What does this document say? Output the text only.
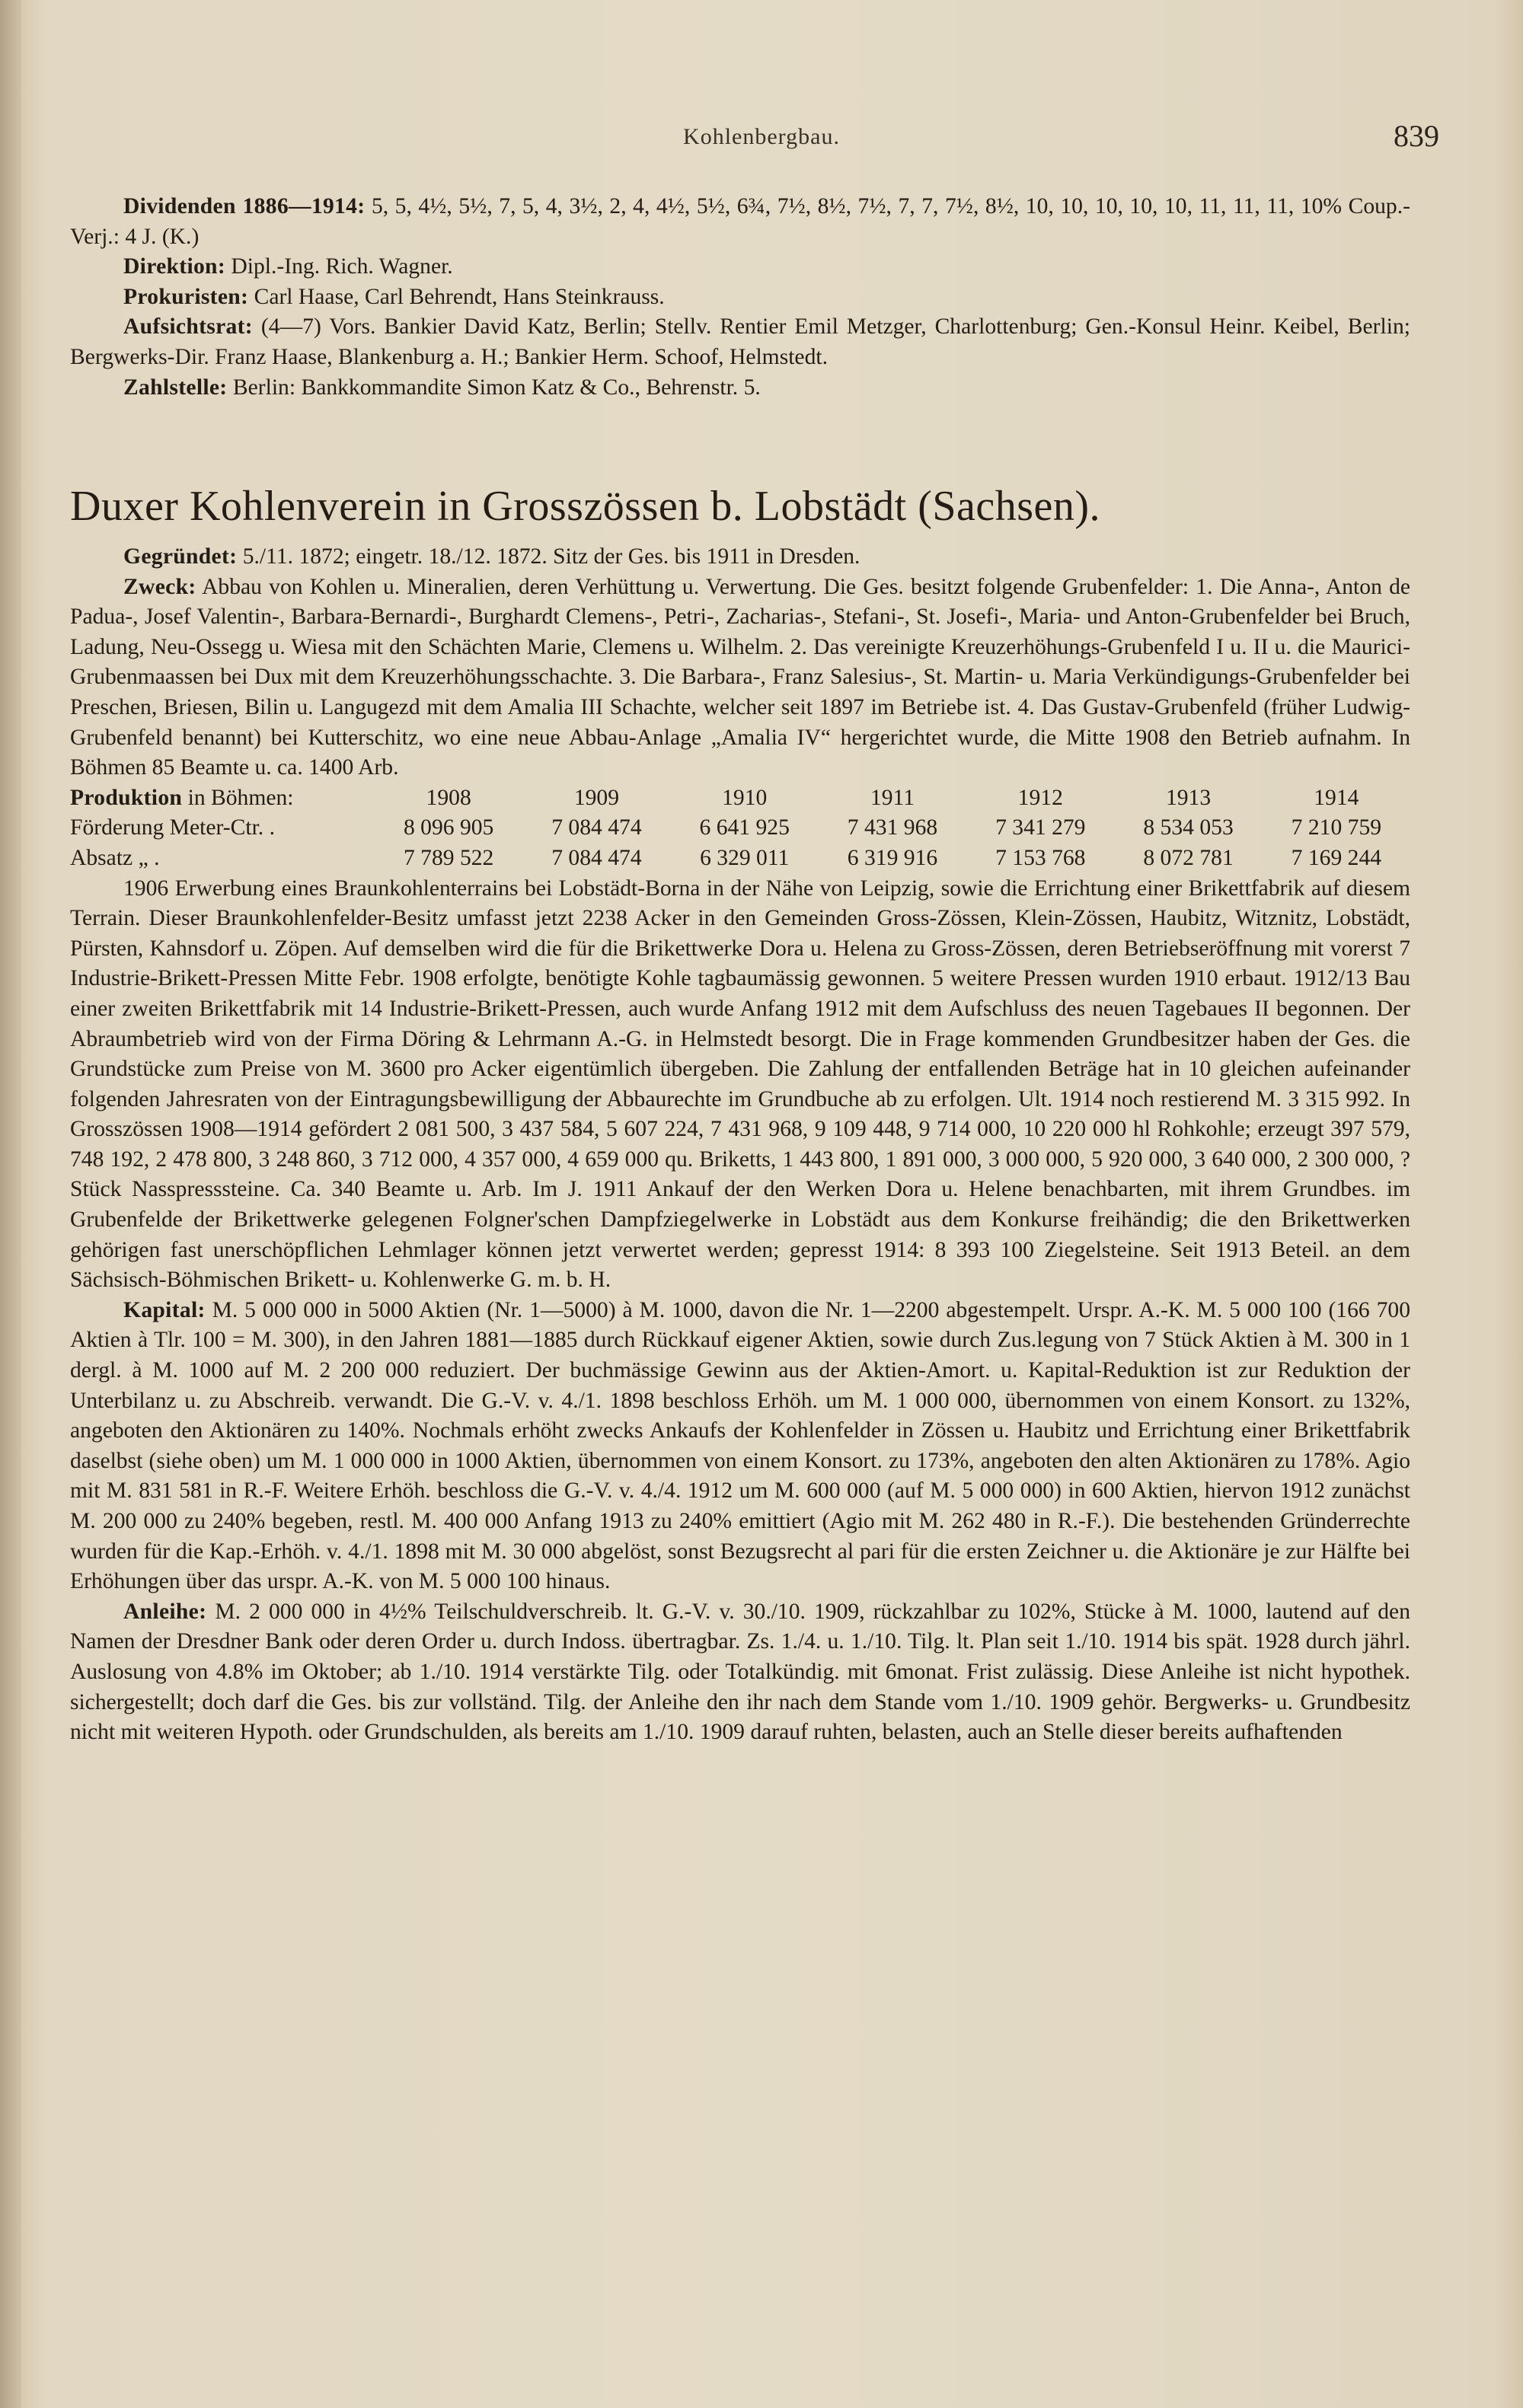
Kohlenbergbau.	839

Dividenden 1886—1914: 5, 5, 4½, 5½, 7, 5, 4, 3½, 2, 4, 4½, 5½, 6¾, 7½, 8½, 7½, 7, 7, 7½, 8½, 10, 10, 10, 10, 10, 11, 11, 11, 10% Coup.-Verj.: 4 J. (K.)

Direktion: Dipl.-Ing. Rich. Wagner.

Prokuristen: Carl Haase, Carl Behrendt, Hans Steinkrauss.

Aufsichtsrat: (4—7) Vors. Bankier David Katz, Berlin; Stellv. Rentier Emil Metzger, Charlottenburg; Gen.-Konsul Heinr. Keibel, Berlin; Bergwerks-Dir. Franz Haase, Blankenburg a. H.; Bankier Herm. Schoof, Helmstedt.

Zahlstelle: Berlin: Bankkommandite Simon Katz & Co., Behrenstr. 5.

Duxer Kohlenverein in Grosszössen b. Lobstädt (Sachsen).

Gegründet: 5./11. 1872; eingetr. 18./12. 1872. Sitz der Ges. bis 1911 in Dresden.

Zweck: Abbau von Kohlen u. Mineralien, deren Verhüttung u. Verwertung. Die Ges. besitzt folgende Grubenfelder: 1. Die Anna-, Anton de Padua-, Josef Valentin-, Barbara-Bernardi-, Burghardt Clemens-, Petri-, Zacharias-, Stefani-, St. Josefi-, Maria- und Anton-Grubenfelder bei Bruch, Ladung, Neu-Ossegg u. Wiesa mit den Schächten Marie, Clemens u. Wilhelm. 2. Das vereinigte Kreuzerhöhungs-Grubenfeld I u. II u. die Maurici-Grubenmaassen bei Dux mit dem Kreuzerhöhungsschachte. 3. Die Barbara-, Franz Salesius-, St. Martin- u. Maria Verkündigungs-Grubenfelder bei Preschen, Briesen, Bilin u. Langugezd mit dem Amalia III Schachte, welcher seit 1897 im Betriebe ist. 4. Das Gustav-Grubenfeld (früher Ludwig-Grubenfeld benannt) bei Kutterschitz, wo eine neue Abbau-Anlage „Amalia IV“ hergerichtet wurde, die Mitte 1908 den Betrieb aufnahm. In Böhmen 85 Beamte u. ca. 1400 Arb.

Produktion in Böhmen:	1908	1909	1910	1911	1912	1913	1914
Förderung Meter-Ctr. .	8 096 905	7 084 474	6 641 925	7 431 968	7 341 279	8 534 053	7 210 759
Absatz „ .	7 789 522	7 084 474	6 329 011	6 319 916	7 153 768	8 072 781	7 169 244

1906 Erwerbung eines Braunkohlenterrains bei Lobstädt-Borna in der Nähe von Leipzig, sowie die Errichtung einer Brikettfabrik auf diesem Terrain. Dieser Braunkohlenfelder-Besitz umfasst jetzt 2238 Acker in den Gemeinden Gross-Zössen, Klein-Zössen, Haubitz, Witznitz, Lobstädt, Pürsten, Kahnsdorf u. Zöpen. Auf demselben wird die für die Brikettwerke Dora u. Helena zu Gross-Zössen, deren Betriebseröffnung mit vorerst 7 Industrie-Brikett-Pressen Mitte Febr. 1908 erfolgte, benötigte Kohle tagbaumässig gewonnen. 5 weitere Pressen wurden 1910 erbaut. 1912/13 Bau einer zweiten Brikettfabrik mit 14 Industrie-Brikett-Pressen, auch wurde Anfang 1912 mit dem Aufschluss des neuen Tagebaues II begonnen. Der Abraumbetrieb wird von der Firma Döring & Lehrmann A.-G. in Helmstedt besorgt. Die in Frage kommenden Grundbesitzer haben der Ges. die Grundstücke zum Preise von M. 3600 pro Acker eigentümlich übergeben. Die Zahlung der entfallenden Beträge hat in 10 gleichen aufeinander folgenden Jahresraten von der Eintragungsbewilligung der Abbaurechte im Grundbuche ab zu erfolgen. Ult. 1914 noch restierend M. 3 315 992. In Grosszössen 1908—1914 gefördert 2 081 500, 3 437 584, 5 607 224, 7 431 968, 9 109 448, 9 714 000, 10 220 000 hl Rohkohle; erzeugt 397 579, 748 192, 2 478 800, 3 248 860, 3 712 000, 4 357 000, 4 659 000 qu. Briketts, 1 443 800, 1 891 000, 3 000 000, 5 920 000, 3 640 000, 2 300 000, ? Stück Nasspresssteine. Ca. 340 Beamte u. Arb. Im J. 1911 Ankauf der den Werken Dora u. Helene benachbarten, mit ihrem Grundbes. im Grubenfelde der Brikettwerke gelegenen Folgner'schen Dampfziegelwerke in Lobstädt aus dem Konkurse freihändig; die den Brikettwerken gehörigen fast unerschöpflichen Lehmlager können jetzt verwertet werden; gepresst 1914: 8 393 100 Ziegelsteine. Seit 1913 Beteil. an dem Sächsisch-Böhmischen Brikett- u. Kohlenwerke G. m. b. H.

Kapital: M. 5 000 000 in 5000 Aktien (Nr. 1—5000) à M. 1000, davon die Nr. 1—2200 abgestempelt. Urspr. A.-K. M. 5 000 100 (166 700 Aktien à Tlr. 100 = M. 300), in den Jahren 1881—1885 durch Rückkauf eigener Aktien, sowie durch Zus.legung von 7 Stück Aktien à M. 300 in 1 dergl. à M. 1000 auf M. 2 200 000 reduziert. Der buchmässige Gewinn aus der Aktien-Amort. u. Kapital-Reduktion ist zur Reduktion der Unterbilanz u. zu Abschreib. verwandt. Die G.-V. v. 4./1. 1898 beschloss Erhöh. um M. 1 000 000, übernommen von einem Konsort. zu 132%, angeboten den Aktionären zu 140%. Nochmals erhöht zwecks Ankaufs der Kohlenfelder in Zössen u. Haubitz und Errichtung einer Brikettfabrik daselbst (siehe oben) um M. 1 000 000 in 1000 Aktien, übernommen von einem Konsort. zu 173%, angeboten den alten Aktionären zu 178%. Agio mit M. 831 581 in R.-F. Weitere Erhöh. beschloss die G.-V. v. 4./4. 1912 um M. 600 000 (auf M. 5 000 000) in 600 Aktien, hiervon 1912 zunächst M. 200 000 zu 240% begeben, restl. M. 400 000 Anfang 1913 zu 240% emittiert (Agio mit M. 262 480 in R.-F.). Die bestehenden Gründerrechte wurden für die Kap.-Erhöh. v. 4./1. 1898 mit M. 30 000 abgelöst, sonst Bezugsrecht al pari für die ersten Zeichner u. die Aktionäre je zur Hälfte bei Erhöhungen über das urspr. A.-K. von M. 5 000 100 hinaus.

Anleihe: M. 2 000 000 in 4½% Teilschuldverschreib. lt. G.-V. v. 30./10. 1909, rückzahlbar zu 102%, Stücke à M. 1000, lautend auf den Namen der Dresdner Bank oder deren Order u. durch Indoss. übertragbar. Zs. 1./4. u. 1./10. Tilg. lt. Plan seit 1./10. 1914 bis spät. 1928 durch jährl. Auslosung von 4.8% im Oktober; ab 1./10. 1914 verstärkte Tilg. oder Totalkündig. mit 6monat. Frist zulässig. Diese Anleihe ist nicht hypothek. sichergestellt; doch darf die Ges. bis zur vollständ. Tilg. der Anleihe den ihr nach dem Stande vom 1./10. 1909 gehör. Bergwerks- u. Grundbesitz nicht mit weiteren Hypoth. oder Grundschulden, als bereits am 1./10. 1909 darauf ruhten, belasten, auch an Stelle dieser bereits aufhaftenden
